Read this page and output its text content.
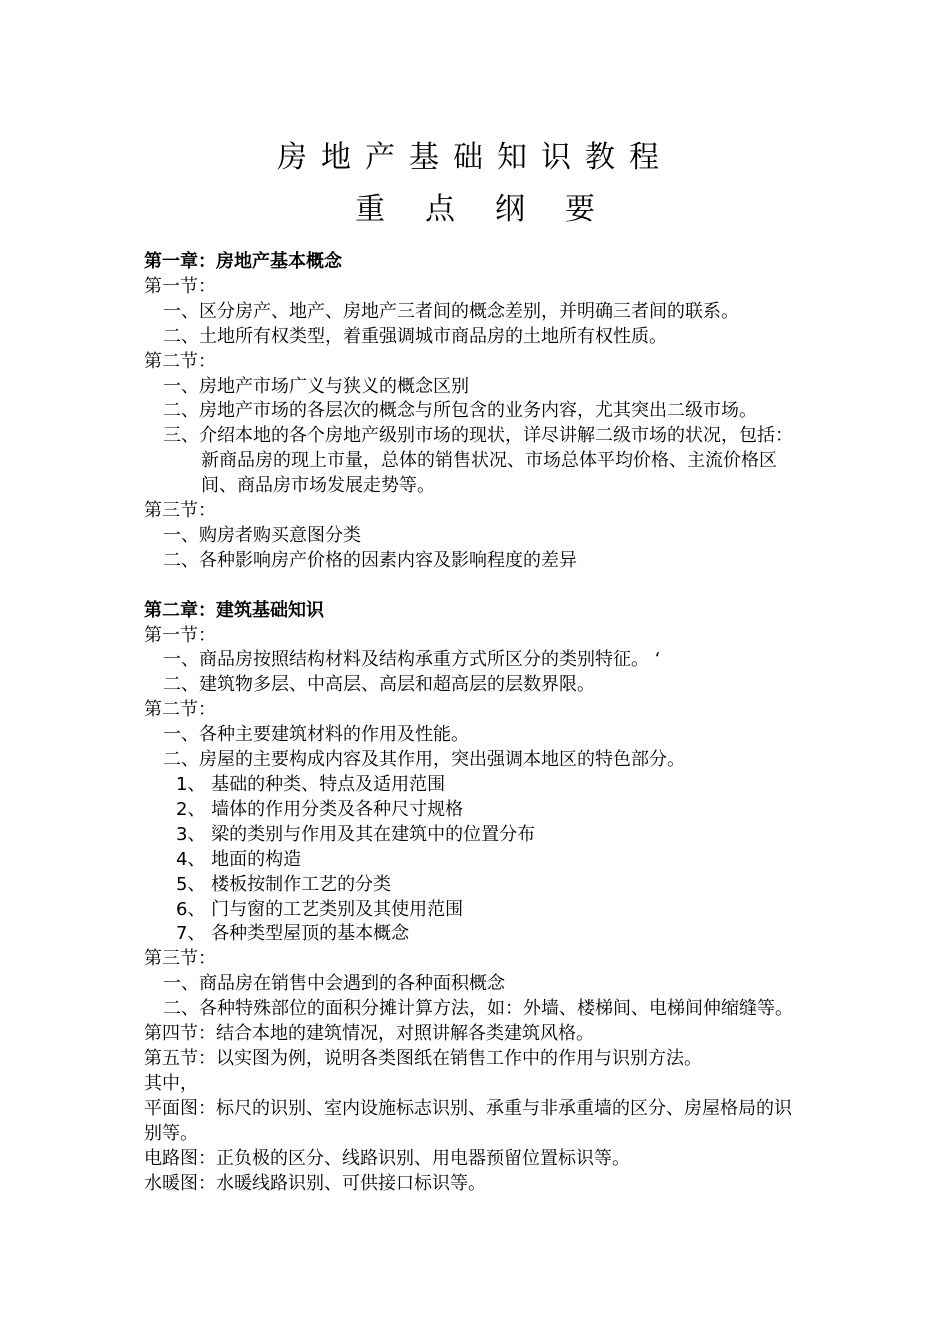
房地产基础知识教程
重点纲要
第一章：房地产基本概念
第一节：
一、区分房产、地产、房地产三者间的概念差别，并明确三者间的联系。
二、土地所有权类型，着重强调城市商品房的土地所有权性质。
第二节：
一、房地产市场广义与狭义的概念区别
二、房地产市场的各层次的概念与所包含的业务内容，尤其突出二级市场。
三、介绍本地的各个房地产级别市场的现状，详尽讲解二级市场的状况，包括：新商品房的现上市量，总体的销售状况、市场总体平均价格、主流价格区间、商品房市场发展走势等。
第三节：
一、购房者购买意图分类
二、各种影响房产价格的因素内容及影响程度的差异
第二章：建筑基础知识
第一节：
一、商品房按照结构材料及结构承重方式所区分的类别特征。 ‘
二、建筑物多层、中高层、高层和超高层的层数界限。
第二节：
一、各种主要建筑材料的作用及性能。
二、房屋的主要构成内容及其作用，突出强调本地区的特色部分。
1、 基础的种类、特点及适用范围
2、 墙体的作用分类及各种尺寸规格
3、 梁的类别与作用及其在建筑中的位置分布
4、 地面的构造
5、 楼板按制作工艺的分类
6、 门与窗的工艺类别及其使用范围
7、 各种类型屋顶的基本概念
第三节：
一、商品房在销售中会遇到的各种面积概念
二、各种特殊部位的面积分摊计算方法，如：外墙、楼梯间、电梯间伸缩缝等。
第四节：结合本地的建筑情况，对照讲解各类建筑风格。
第五节：以实图为例，说明各类图纸在销售工作中的作用与识别方法。
其中，
平面图：标尺的识别、室内设施标志识别、承重与非承重墙的区分、房屋格局的识别等。
电路图：正负极的区分、线路识别、用电器预留位置标识等。
水暖图：水暖线路识别、可供接口标识等。
